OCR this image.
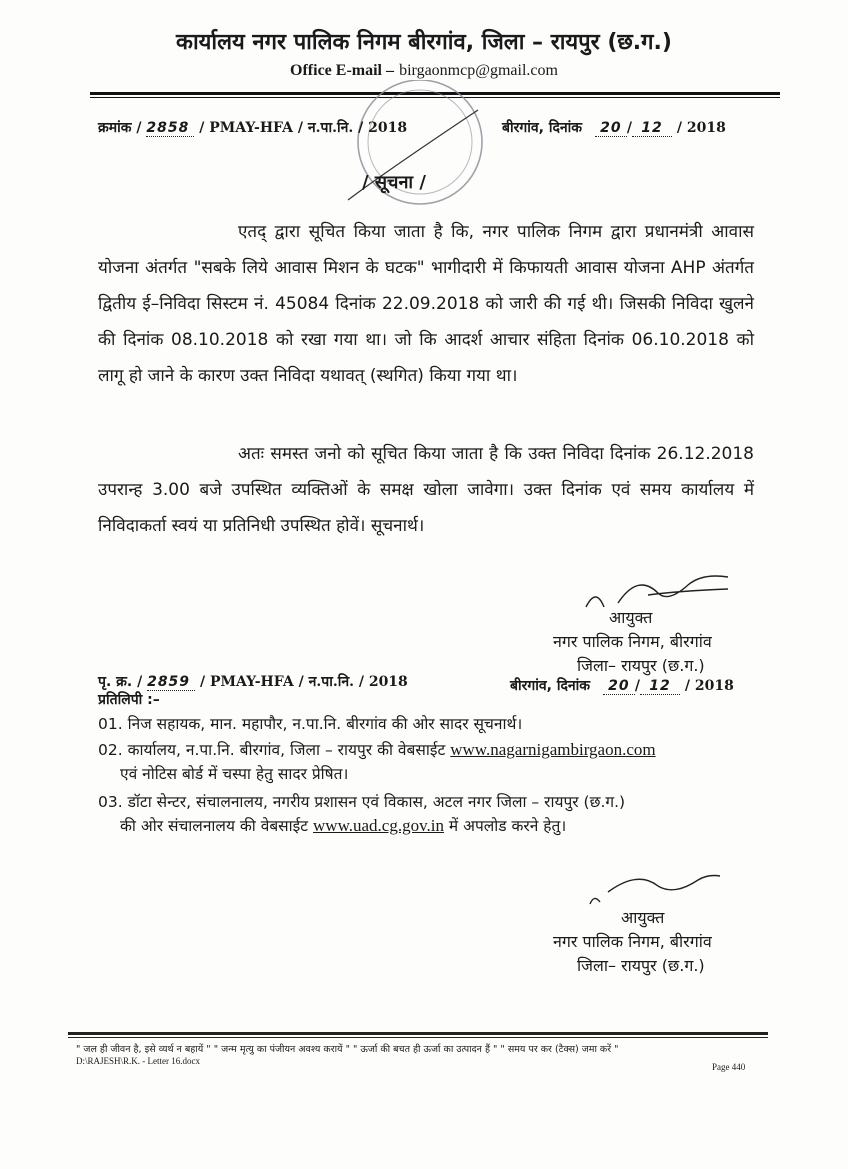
कार्यालय नगर पालिक निगम बीरगांव, जिला – रायपुर (छ.ग.)
Office E-mail – birgaonmcp@gmail.com
क्रमांक / 2858 / PMAY-HFA / न.पा.नि. / 2018	बीरगांव, दिनांक 20 / 12 / 2018
/ सूचना /
एतद् द्वारा सूचित किया जाता है कि, नगर पालिक निगम द्वारा प्रधानमंत्री आवास योजना अंतर्गत "सबके लिये आवास मिशन के घटक" भागीदारी में किफायती आवास योजना AHP अंतर्गत द्वितीय ई–निविदा सिस्टम नं. 45084 दिनांक 22.09.2018 को जारी की गई थी। जिसकी निविदा खुलने की दिनांक 08.10.2018 को रखा गया था। जो कि आदर्श आचार संहिता दिनांक 06.10.2018 को लागू हो जाने के कारण उक्त निविदा यथावत् (स्थगित) किया गया था।
अतः समस्त जनो को सूचित किया जाता है कि उक्त निविदा दिनांक 26.12.2018 उपरान्ह 3.00 बजे उपस्थित व्यक्तिओं के समक्ष खोला जावेगा। उक्त दिनांक एवं समय कार्यालय में निविदाकर्ता स्वयं या प्रतिनिधी उपस्थित होवें। सूचनार्थ।
आयुक्त
नगर पालिक निगम, बीरगांव
जिला– रायपुर (छ.ग.)
पृ. क्र. / 2859 / PMAY-HFA / न.पा.नि. / 2018	बीरगांव, दिनांक 20 / 12 / 2018
प्रतिलिपी :–
01. निज सहायक, मान. महापौर, न.पा.नि. बीरगांव की ओर सादर सूचनार्थ।
02. कार्यालय, न.पा.नि. बीरगांव, जिला – रायपुर की वेबसाईट www.nagarnigambirgaon.com
एवं नोटिस बोर्ड में चस्पा हेतु सादर प्रेषित।
03. डॉटा सेन्टर, संचालनालय, नगरीय प्रशासन एवं विकास, अटल नगर जिला – रायपुर (छ.ग.)
की ओर संचालनालय की वेबसाईट www.uad.cg.gov.in में अपलोड करने हेतु।
आयुक्त
नगर पालिक निगम, बीरगांव
जिला– रायपुर (छ.ग.)
" जल ही जीवन है, इसे व्यर्थ न बहायें " " जन्म मृत्यु का पंजीयन अवश्य करायें " " ऊर्जा की बचत ही ऊर्जा का उत्पादन हैं " " समय पर कर (टैक्स) जमा करें "
D:\RAJESH\R.K. - Letter 16.docx
Page 440
